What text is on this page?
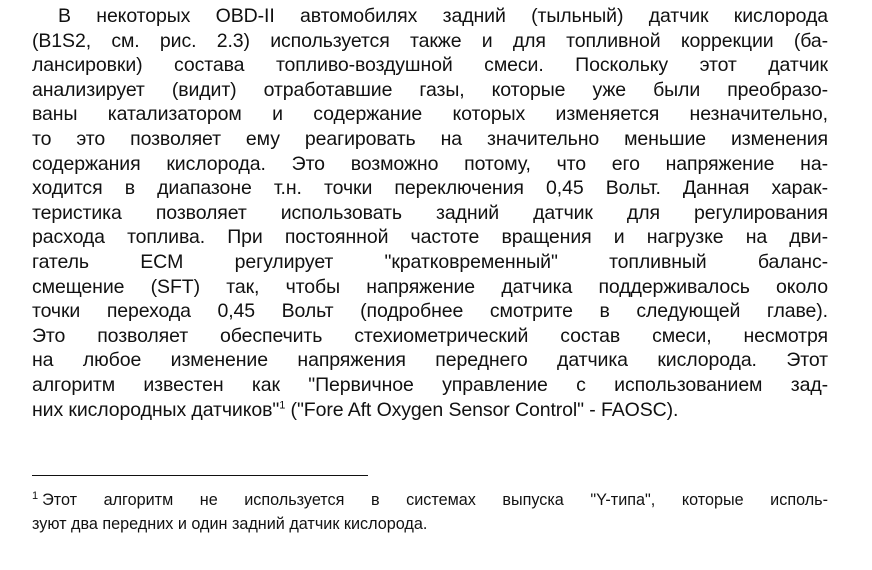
В некоторых OBD-II автомобилях задний (тыльный) датчик кислорода
(B1S2, см. рис. 2.3) используется также и для топливной коррекции (ба-
лансировки) состава топливо-воздушной смеси. Поскольку этот датчик
анализирует (видит) отработавшие газы, которые уже были преобразо-
ваны катализатором и содержание которых изменяется незначительно,
то это позволяет ему реагировать на значительно меньшие изменения
содержания кислорода. Это возможно потому, что его напряжение на-
ходится в диапазоне т.н. точки переключения 0,45 Вольт. Данная харак-
теристика позволяет использовать задний датчик для регулирования
расхода топлива. При постоянной частоте вращения и нагрузке на дви-
гатель ECM регулирует "кратковременный" топливный баланс-
смещение (SFT) так, чтобы напряжение датчика поддерживалось около
точки перехода 0,45 Вольт (подробнее смотрите в следующей главе).
Это позволяет обеспечить стехиометрический состав смеси, несмотря
на любое изменение напряжения переднего датчика кислорода. Этот
алгоритм известен как "Первичное управление с использованием зад-
них кислородных датчиков"$^1$ ("Fore Aft Oxygen Sensor Control" - FAOSC).
$^1$ Этот алгоритм не используется в системах выпуска "Y-типа", которые исполь-
зуют два передних и один задний датчик кислорода.
